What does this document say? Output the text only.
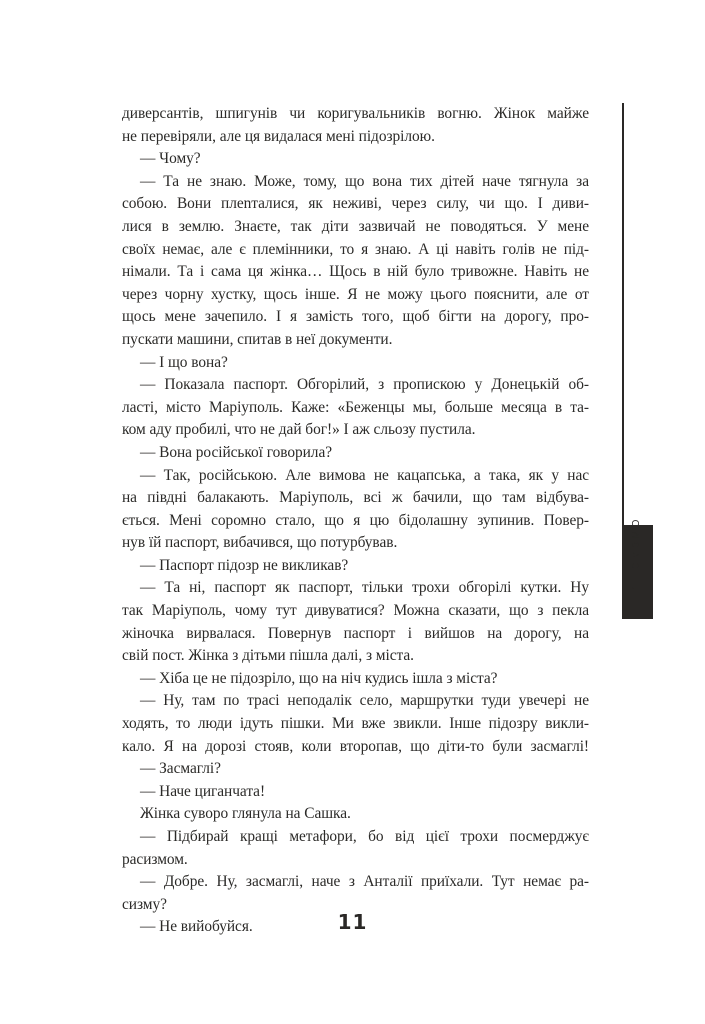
диверсантів, шпигунів чи коригувальників вогню. Жінок майже
не перевіряли, але ця видалася мені підозрілою.
— Чому?
— Та не знаю. Може, тому, що вона тих дітей наче тягнула за
собою. Вони плenталися, як неживі, через силу, чи що. І диви-
лися в землю. Знаєте, так діти зазвичай не поводяться. У мене
своїх немає, але є племінники, то я знаю. А ці навіть голів не під-
німали. Та і сама ця жінка… Щось в ній було тривожне. Навіть не
через чорну хустку, щось інше. Я не можу цього пояснити, але от
щось мене зачепило. І я замість того, щоб бігти на дорогу, про-
пускати машини, спитав в неї документи.
— І що вона?
— Показала паспорт. Обгорілий, з пропиcкою у Донецькій об-
ласті, місто Маріуполь. Каже: «Беженцы мы, больше месяца в та-
ком аду пробилі, что не дай бог!» І аж сльозу пустила.
— Вона російської говорила?
— Так, російською. Але вимова не кацапська, а така, як у нас
на півдні балакають. Маріуполь, всі ж бачили, що там відбува-
ється. Мені соромно стало, що я цю бідолашну зупинив. Повер-
нув їй паспорт, вибачився, що потурбував.
— Паспорт підозр не викликав?
— Та ні, паспорт як паспорт, тільки трохи обгорілі кутки. Ну
так Маріуполь, чому тут дивуватися? Можна сказати, що з пекла
жіночка вирвалася. Повернув паспорт і вийшов на дорогу, на
свій пост. Жінка з дітьми пішла далі, з міста.
— Хіба це не підозріло, що на ніч кудись ішла з міста?
— Ну, там по трасі неподалік село, маршрутки туди увечері не
ходять, то люди ідуть пішки. Ми вже звикли. Інше підозру викли-
кало. Я на дорозі стояв, коли второпав, що діти-то були засмаглі!
— Засмаглі?
— Наче циганчата!
Жінка суворо глянула на Сашка.
— Підбирай кращі метафори, бо від цієї трохи посмерджує
расизмом.
— Добре. Ну, засмаглі, наче з Анталії приїхали. Тут немає ра-
сизму?
— Не вийобуйся.
1. ОМЗМО
11
